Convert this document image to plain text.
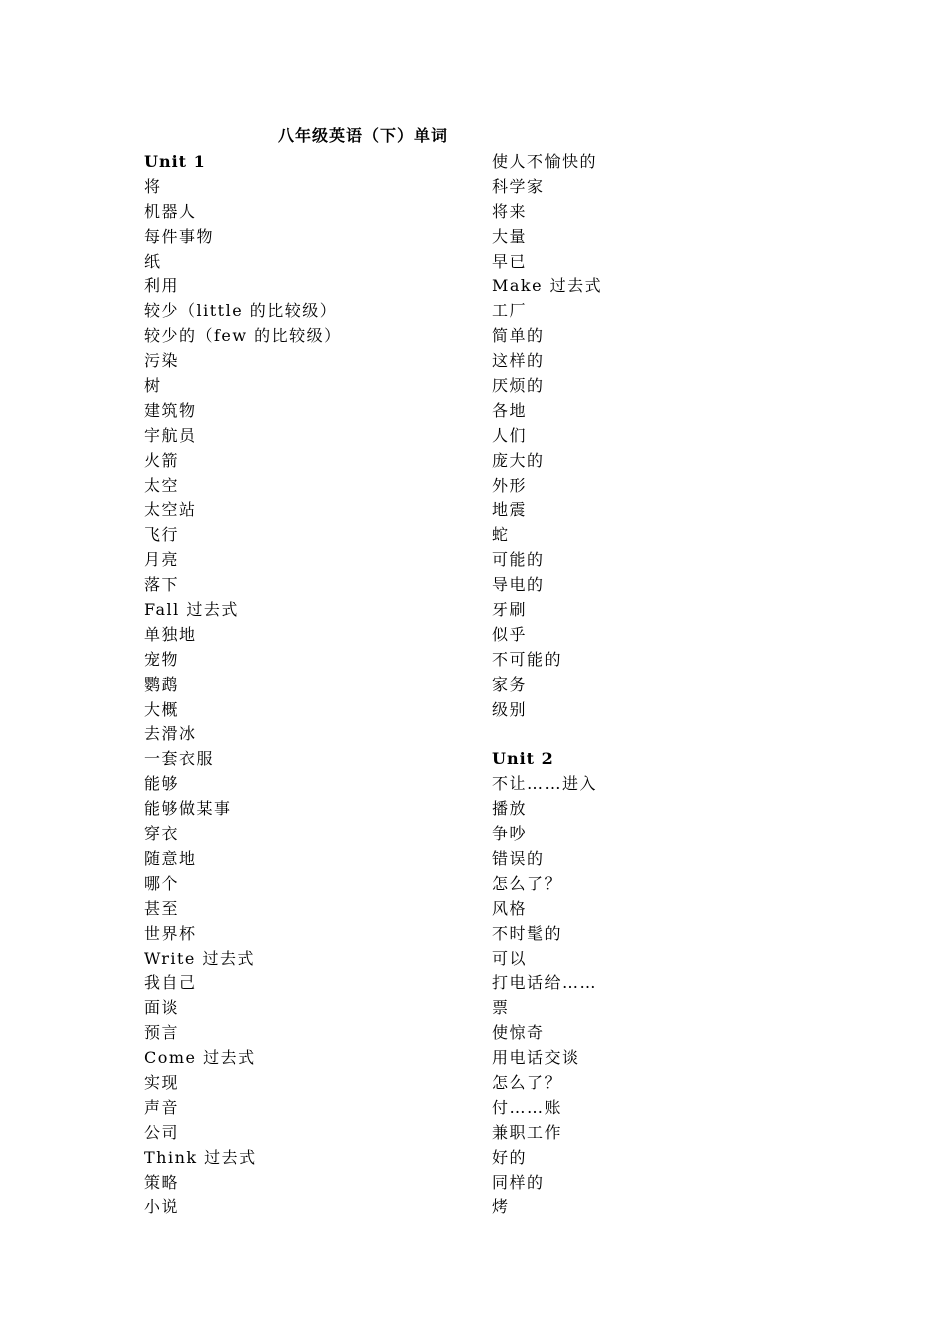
八年级英语（下）单词
Unit 1
将
机器人
每件事物
纸
利用
较少（little 的比较级）
较少的（few 的比较级）
污染
树
建筑物
宇航员
火箭
太空
太空站
飞行
月亮
落下
Fall 过去式
单独地
宠物
鹦鹉
大概
去滑冰
一套衣服
能够
能够做某事
穿衣
随意地
哪个
甚至
世界杯
Write 过去式
我自己
面谈
预言
Come 过去式
实现
声音
公司
Think 过去式
策略
小说
使人不愉快的
科学家
将来
大量
早已
Make 过去式
工厂
简单的
这样的
厌烦的
各地
人们
庞大的
外形
地震
蛇
可能的
导电的
牙刷
似乎
不可能的
家务
级别
Unit 2
不让……进入
播放
争吵
错误的
怎么了？
风格
不时髦的
可以
打电话给……
票
使惊奇
用电话交谈
怎么了？
付……账
兼职工作
好的
同样的
烤
